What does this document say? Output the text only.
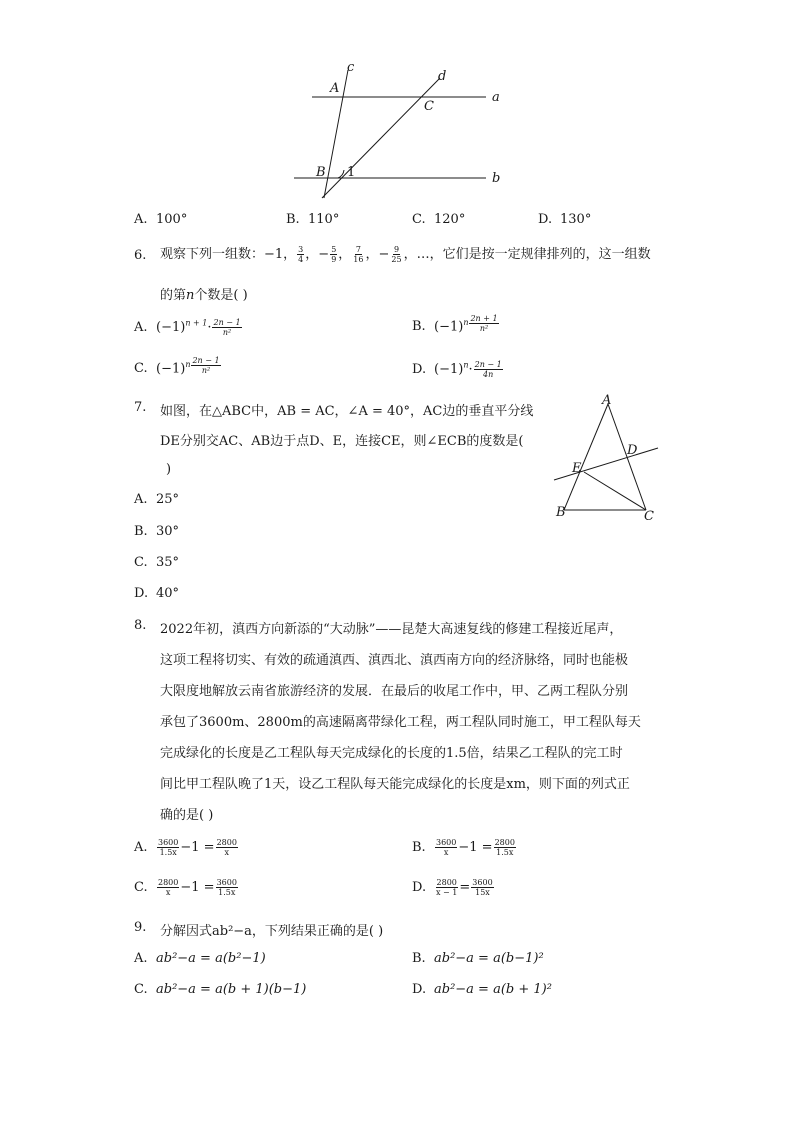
c
d
a
b
A
B
C
1
A. 100°	B. 110°	C. 120°	D. 130°
6. 观察下列一组数：−1， $\frac{3}{4}$ ，− $\frac{5}{9}$ ， $\frac{7}{16}$ ，− $\frac{9}{25}$ ，…，它们是按一定规律排列的，这一组数
的第n个数是( )
A. $(-1)^{n + 1}\cdot \frac{2n - 1}{\text{n²}}$	B. $(-1)^n \frac{2n + 1}{\text{n²}}$
C. $(-1)^n \frac{2n - 1}{\text{n²}}$	D. $(-1)^n\cdot \frac{2n - 1}{4n}$
7. 如图，在△ABC中，AB = AC，∠A = 40°，AC边的垂直平分线
DE分别交AC、AB边于点D、E，连接CE，则∠ECB的度数是(
)
A
B	C
D
E
A. 25°
B. 30°
C. 35°
D. 40°
8. 2022年初，滇西方向新添的“大动脉”——昆楚大高速复线的修建工程接近尾声，
这项工程将切实、有效的疏通滇西、滇西北、滇西南方向的经济脉络，同时也能极
大限度地解放云南省旅游经济的发展．在最后的收尾工作中，甲、乙两工程队分别
承包了3600m、2800m的高速隔离带绿化工程，两工程队同时施工，甲工程队每天
完成绿化的长度是乙工程队每天完成绿化的长度的1.5倍，结果乙工程队的完工时
间比甲工程队晚了1天，设乙工程队每天能完成绿化的长度是xm，则下面的列式正
确的是( )
A. $\frac{3600}{1.5x} -1 = \frac{2800}{x}$	B. $\frac{3600}{x} -1 = \frac{2800}{1.5x}$
C. $\frac{2800}{x} -1 = \frac{3600}{1.5x}$	D. $\frac{2800}{x - 1} = \frac{3600}{15x}$
9. 分解因式ab²−a，下列结果正确的是( )
A. ab²−a = a(b²−1)	B. ab²−a = a(b−1)²
C. ab²−a = a(b + 1)(b−1)	D. ab²−a = a(b + 1)²
